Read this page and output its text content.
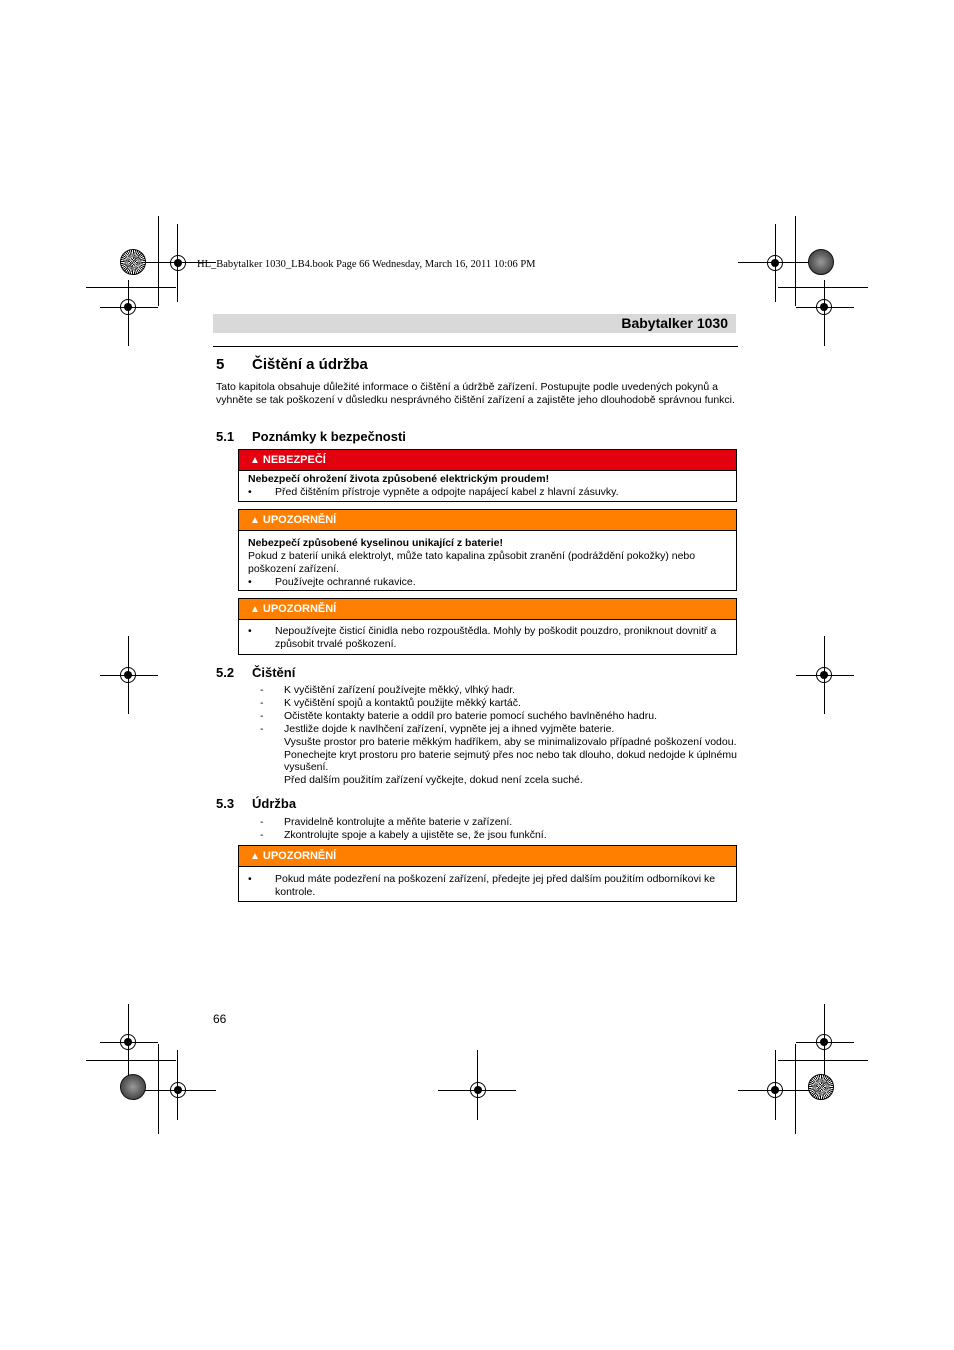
HL_Babytalker 1030_LB4.book Page 66 Wednesday, March 16, 2011 10:06 PM
Babytalker 1030
5 Čištění a údržba
Tato kapitola obsahuje důležité informace o čištění a údržbě zařízení. Postupujte podle uvedených pokynů a vyhněte se tak poškození v důsledku nesprávného čištění zařízení a zajistěte jeho dlouhodobě správnou funkci.
5.1 Poznámky k bezpečnosti
▲ NEBEZPEČÍ
Nebezpečí ohrožení života způsobené elektrickým proudem!
• Před čištěním přístroje vypněte a odpojte napájecí kabel z hlavní zásuvky.
▲ UPOZORNĚNÍ
Nebezpečí způsobené kyselinou unikající z baterie!
Pokud z baterií uniká elektrolyt, může tato kapalina způsobit zranění (podráždění pokožky) nebo poškození zařízení.
• Používejte ochranné rukavice.
▲ UPOZORNĚNÍ
• Nepoužívejte čisticí činidla nebo rozpouštědla. Mohly by poškodit pouzdro, proniknout dovnitř a způsobit trvalé poškození.
5.2 Čištění
- K vyčištění zařízení používejte měkký, vlhký hadr.
- K vyčištění spojů a kontaktů použijte měkký kartáč.
- Očistěte kontakty baterie a oddíl pro baterie pomocí suchého bavlněného hadru.
- Jestliže dojde k navlhčení zařízení, vypněte jej a ihned vyjměte baterie.
Vysušte prostor pro baterie měkkým hadříkem, aby se minimalizovalo případné poškození vodou.
Ponechejte kryt prostoru pro baterie sejmutý přes noc nebo tak dlouho, dokud nedojde k úplnému vysušení.
Před dalším použitím zařízení vyčkejte, dokud není zcela suché.
5.3 Údržba
- Pravidelně kontrolujte a měňte baterie v zařízení.
- Zkontrolujte spoje a kabely a ujistěte se, že jsou funkční.
▲ UPOZORNĚNÍ
• Pokud máte podezření na poškození zařízení, předejte jej před dalším použitím odborníkovi ke kontrole.
66
